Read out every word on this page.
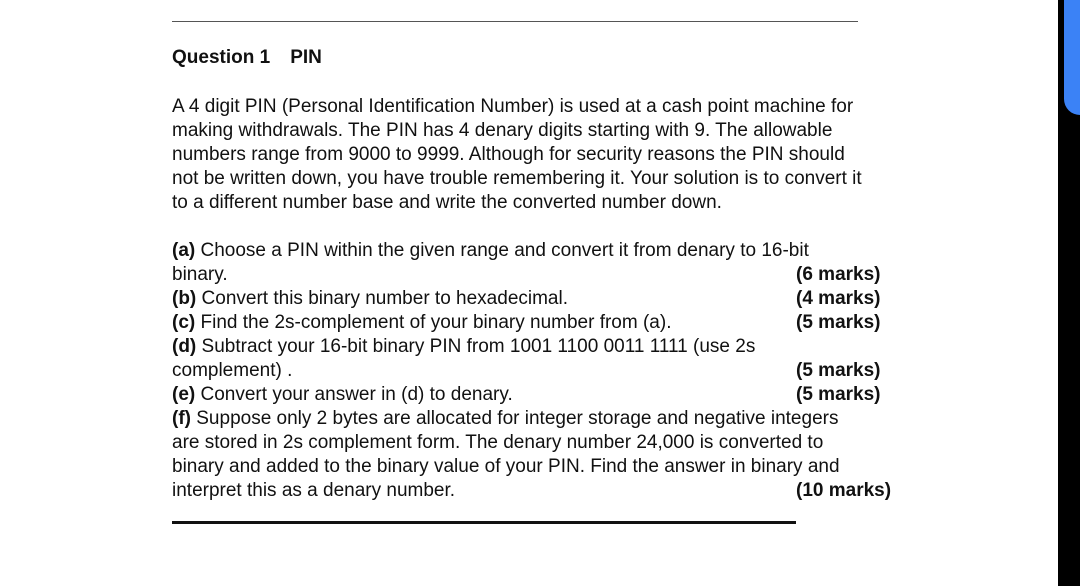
Question 1 PIN

A 4 digit PIN (Personal Identification Number) is used at a cash point machine for
making withdrawals. The PIN has 4 denary digits starting with 9. The allowable
numbers range from 9000 to 9999. Although for security reasons the PIN should
not be written down, you have trouble remembering it. Your solution is to convert it
to a different number base and write the converted number down.

(a) Choose a PIN within the given range and convert it from denary to 16-bit
binary.	(6 marks)
(b) Convert this binary number to hexadecimal.	(4 marks)
(c) Find the 2s-complement of your binary number from (a).	(5 marks)
(d) Subtract your 16-bit binary PIN from 1001 1100 0011 1111 (use 2s
complement) .	(5 marks)
(e) Convert your answer in (d) to denary.	(5 marks)
(f) Suppose only 2 bytes are allocated for integer storage and negative integers
are stored in 2s complement form. The denary number 24,000 is converted to
binary and added to the binary value of your PIN. Find the answer in binary and
interpret this as a denary number.	(10 marks)
